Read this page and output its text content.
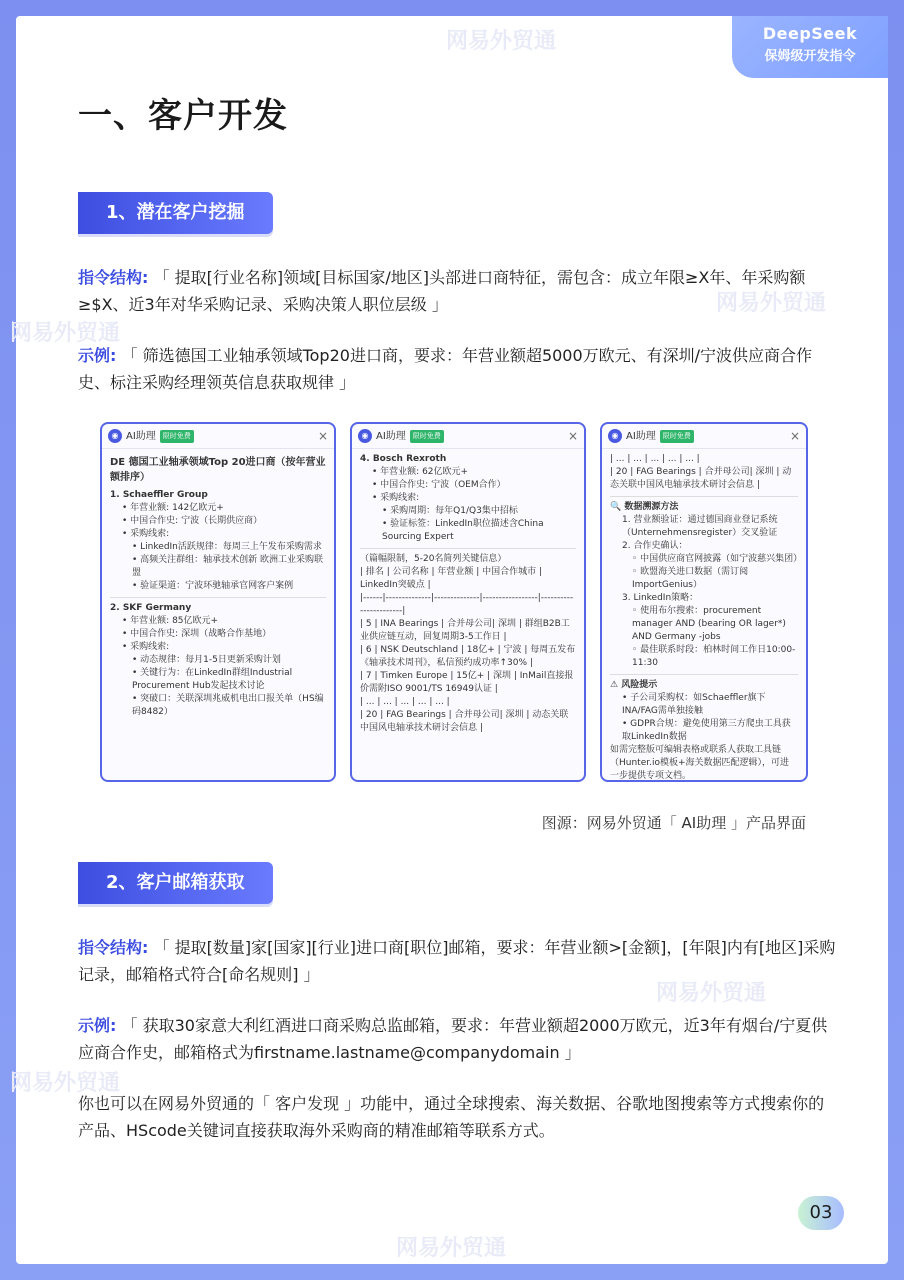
网易外贸通
网易外贸通
网易外贸通
网易外贸通
网易外贸通
网易外贸通
DeepSeek
保姆级开发指令
一、客户开发
1、潜在客户挖掘
指令结构: 「 提取[行业名称]领域[目标国家/地区]头部进口商特征，需包含：成立年限≥X年、年采购额≥$X、近3年对华采购记录、采购决策人职位层级 」
示例: 「 筛选德国工业轴承领域Top20进口商，要求：年营业额超5000万欧元、有深圳/宁波供应商合作史、标注采购经理领英信息获取规律 」
◉ AI助理	限时免费	×
DE 德国工业轴承领域Top 20进口商（按年营业额排序）
1. Schaeffler Group
• 年营业额: 142亿欧元+
• 中国合作史: 宁波（长期供应商）
• 采购线索:
• LinkedIn活跃规律：每周三上午发布采购需求
• 高频关注群组：轴承技术创新 欧洲工业采购联盟
• 验证渠道：宁波环驰轴承官网客户案例
2. SKF Germany
• 年营业额: 85亿欧元+
• 中国合作史: 深圳（战略合作基地）
• 采购线索:
• 动态规律：每月1-5日更新采购计划
• 关键行为：在LinkedIn群组Industrial Procurement Hub发起技术讨论
• 突破口：关联深圳兆威机电出口报关单（HS编码8482）
◉ AI助理	限时免费	×
4. Bosch Rexroth
• 年营业额: 62亿欧元+
• 中国合作史: 宁波（OEM合作）
• 采购线索:
• 采购周期：每年Q1/Q3集中招标
• 验证标签：LinkedIn职位描述含China Sourcing Expert
（篇幅限制，5-20名简列关键信息）
| 排名 | 公司名称 | 年营业额 | 中国合作城市 | LinkedIn突破点 |
|------|--------------|--------------|-----------------|-----------------------|
| 5 | INA Bearings | 合并母公司| 深圳 | 群组B2B工业供应链互动，回复周期3-5工作日 |
| 6 | NSK Deutschland | 18亿+ | 宁波 | 每周五发布《轴承技术周刊》，私信预约成功率↑30% |
| 7 | Timken Europe | 15亿+ | 深圳 | InMail直接报价需附ISO 9001/TS 16949认证 |
| ... | ... | ... | ... | ... |
| 20 | FAG Bearings | 合并母公司| 深圳 | 动态关联中国风电轴承技术研讨会信息 |
◉ AI助理	限时免费	×
| ... | ... | ... | ... | ... |
| 20 | FAG Bearings | 合并母公司| 深圳 | 动态关联中国风电轴承技术研讨会信息 |
🔍 数据溯源方法
1. 营业额验证：通过德国商业登记系统（Unternehmensregister）交叉验证
2. 合作史确认：
◦ 中国供应商官网披露（如宁波慈兴集团）
◦ 欧盟海关进口数据（需订阅ImportGenius）
3. LinkedIn策略：
◦ 使用布尔搜索：procurement manager AND (bearing OR lager*) AND Germany -jobs
◦ 最佳联系时段：柏林时间工作日10:00-11:30
⚠ 风险提示
• 子公司采购权：如Schaeffler旗下INA/FAG需单独接触
• GDPR合规：避免使用第三方爬虫工具获取LinkedIn数据
如需完整版可编辑表格或联系人获取工具链（Hunter.io模板+海关数据匹配逻辑），可进一步提供专项文档。
图源：网易外贸通「 AI助理 」产品界面
2、客户邮箱获取
指令结构: 「 提取[数量]家[国家][行业]进口商[职位]邮箱，要求：年营业额>[金额]，[年限]内有[地区]采购记录，邮箱格式符合[命名规则] 」
示例: 「 获取30家意大利红酒进口商采购总监邮箱，要求：年营业额超2000万欧元，近3年有烟台/宁夏供应商合作史，邮箱格式为firstname.lastname@companydomain 」
你也可以在网易外贸通的「 客户发现 」功能中，通过全球搜索、海关数据、谷歌地图搜索等方式搜索你的产品、HScode关键词直接获取海外采购商的精准邮箱等联系方式。
03
